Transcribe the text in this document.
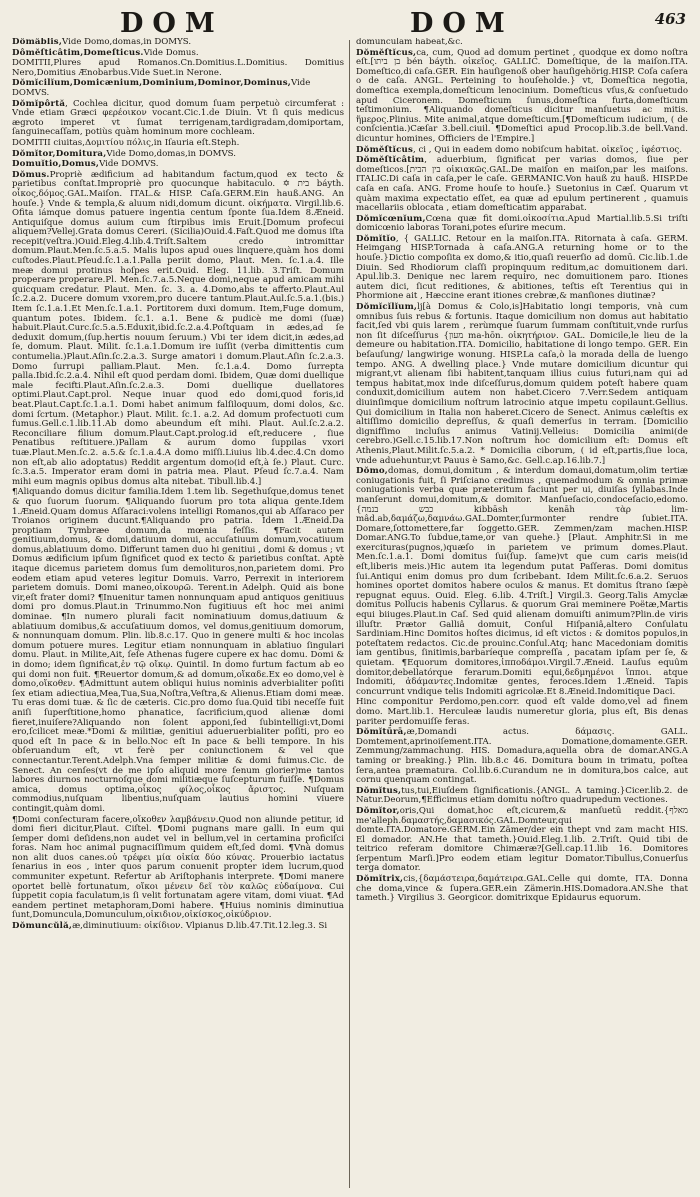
DOM	DOM	463

Dômâblis,Vide Domo,domas,in DOMYS.

Dômĕſticâtim,Domeſticus.Vide Domus.

DOMITII,Plures apud Romanos.Cn.Domitius.L.Domitius. Domitius Nero,Domitius Ænobarbus.Vide Suet.in Nerone.

Dŏmĭcilĭum,Domicænium,Dominium,Dominor,Dominus,Vide DOMVS.

Dŏmĭpôrtă, Cochlea dicitur, quod domum ſuam perpetuò circumferat : Vnde etiam Græci φερέοικον vocant.Cic.1.de Diuin. Vt ſi quis medicus ægroto imperet vt ſumat terrigenam,tardigradam,domiportam, ſanguinecaſſam, potiùs quàm hominum more cochleam.

DOMITII ciuitas,Δομιτίου πόλις,in Iſauria eſt.Steph.

Dŏmĭtor,Domitura,Vide Domo,domas,in DOMVS.

Domuĭtio,Domus,Vide DOMVS.

Dŏmus.Propriè ædificium ad habitandum factum,quod ex tecto & parietibus conſtat.Impropriè pro quocunque habitaculo. ✡ בית báyth. οἶκος,δόμος.GAL.Maiſon. ITAL.& HISP. Caſa.GERM.Ein hauß.ANG. An houſe.} Vnde & templa,& aluum nidi,domum dicunt. οἰκήματα. Virgil.lib.6. Ofita iámque domus patuere ingentia centum ſponte ſua.Idem 8.Æneid. Antiquiſque domus auium cum ſtirpibus imis Eruit.[Domum profecui aliquem?Vellej.Grata domus Cereri. (Sicilia)Ouid.4.Faſt.Quod me domus iſta recepit(veſtra.)Ouid.Eleg.4.lib.4.Triſt.Saltem credo intromittar domum.Plaut.Men.ſc.5.a.5. Malis lupos apud oues linquere,quàm hos domi cuſtodes.Plaut.Pſeud.ſc.1.a.1.Palla periit domo, Plaut. Men. ſc.1.a.4. Ille meæ domui protinus hoſpes erit.Ouid. Eleg. 11.lib. 3.Triſt. Domum properare properare.Pl. Men.ſc.7.a.5.Neque domi,neque apud amicam mihi quicquam credatur. Plaut. Men. ſc. 3. a. 4.Domo,abs te afferto.Plaut.Aul ſc.2.a.2. Ducere domum vxorem,pro ducere tantum.Plaut.Aul.ſc.5.a.1.(bis.) Item ſc.1.a.1.Et Men.ſc.1.a.1. Portitorem duxi domum. Item,Fuge domum, quantum potes. Ibidem. ſc.1. a.1. Bene & pudicè me domi (ſuæ) habuit.Plaut.Curc.ſc.5.a.5.Eduxit,ibid.ſc.2.a.4.Poſtquam in ædes,ad ſe deduxit domum,(ſup.hertis nouum ſeruum.) Vbi ter idem dicit,in ædes,ad ſe, domum. Plaut. Milit. ſc.1.a.1.Domum ire iuſſit (verba dimittentis cum contumelia.)Plaut.Aſin.ſc.2.a.3. Surge amatori i domum.Plaut.Aſin ſc.2.a.3. Domo ſurrupi palliam.Plaut. Men. ſc.1.a.4. Domo ſurrepta palla.Ibid.ſc.2.a.4. Nihil eſt quod perdam domi. Ibidem, Quæ domi duellique male fecifti.Plaut.Aſin.ſc.2.a.3. Domi duellique duellatores optimi.Plaut.Capt.prol. Neque inuar quod edo domi,quod foris,id beat.Plaut.Capt.ſc.1.a.1. Domi habet animum falſiloquum, domi dolos, &c. domi ſcrtum. (Metaphor.) Plaut. Milit. ſc.1. a.2. Ad domum profectuoti cum fumus.Gell.c.1.lib.11.Ab domo abeundum eſt mihi. Plaut. Aul.ſc.2.a.2. Reconciliare filium domum.Plaut.Capt.prolog.id eſt,reducere , ſiue Penatibus reſtituere.)Pallam & aurum domo ſuppilas vxori tuæ.Plaut.Men.ſc.2. a.5.& ſc.1.a.4.A domo miſſi.Liuius lib.4.dec.4.Cn domo non eſt,ab alio adoptatus) Reddit argentum domo(id eſt,à ſe.) Plaut. Curc. ſc.3.a.5. Imperator eram domi in patria mea. Plaut. Pſeud ſc.7.a.4. Nam mihi eum magnis opibus domus alta nitebat. Tibull.lib.4.]

¶Aliquando domus dicitur familia.Idem 1.tem lib. Segethuſque,domus tenet & quo ſuorum ſuorum. ¶Aliquando ſuorum pro tota aliqua gente.Idem 1.Æneid.Quam domus Aſſaraci:volens intelligi Romanos,qui ab Aſſaraco per Troianos originem ducunt.¶Aliquando pro patria. Idem 1.Æneid.Da proptiam Tymbræe domum,da mœnia feſſis. ¶Facit autem genitiuum,domus, & domi,datiuum domui, accuſatiuum domum,vocatiuum domus,ablatiuum domo. Differunt tamen duo hi genitiui , domi & domus ; vt Domus ædificium ipſum ſignificet quod ex tecto & parietibus conſtat. Aptè itaque dicemus parietem domus ſum demolituros,non,parietem domi. Pro eodem etiam apud veteres legitur Domuis. Varro, Perrexit in interiorem parietem domuis. Domi maneo,οἰκουρῶ. Terent.in Adelph. Quid ais bone vir,eſt frater domi? ¶Inuenitur tamen nonnunquam apud antiquos genitiuus domi pro domus.Plaut.in Trinummo.Non fugitiuus eſt hoc mei animi dominae. ¶In numero plurali facit nominatiuum domus,datiuum & ablatiuum domibus,& accuſatiuum domos, vel domus,genitiuum domorum, & nonnunquam domum. Plin. lib.8.c.17. Quo in genere multi & hoc incolas domum potuere mures. Legitur etiam nonnunquam in ablatiuo ſingulari domu. Plaut. in Milite,Ait, ſeſe Athenas fugere cupere ex hac domu. Domi & in domo; idem ſignificat,ἐν τῷ οἴκῳ. Quintil. In domo furtum factum ab eo qui domi non fuit. ¶Reuertor domum,& ad domum,οἴκαδε.Ex eo domo,vel è domo,οἴκοθεν. ¶Admittunt autem obliqui huius nominis adverbialiter poſiti ſex etiam adiectiua,Mea,Tua,Sua,Noſtra,Veſtra,& Alienus.Etiam domi meæ. Tu eras domi tuæ. & ſic de cæteris. Cic.pro domo ſua.Quid tibi neceſſe fuit aniſi ſuperſtitione,homo phanatice, ſacrificium,quod alienæ domi fieret,inuiſere?Aliquando non ſolent apponi,ſed ſubintelligi:vt,Domi ero,ſcilicet meæ.*Domi & militiæ, genitiui adueruerbialiter poſiti, pro eo quod eſt In pace & in bello.Noc eſt In pace & belli tempore. In his obſeruandum eſt, vt ferè per coniunctionem & vel que connectantur.Terent.Adelph.Vna ſemper militiæ & domi fuimus.Cic. de Senect. An cenſes(vt de me ipſo aliquid more ſenum glorier)me tantos labores diurnos nocturnoſque domi militiæque ſuſcepturum fuiſſe. ¶Domus amica, domus optima,οἶκος φίλος,οἶκος ἄριστος. Nuſquam commodius,nuſquam libentius,nuſquam lautius homini viuere contingit,quàm domi.

¶Domi conſecturam facere,οἴκοθεν λαμβάνειν.Quod non aliunde petitur, id domi fieri dicitur,Plaut. Ciſtel. ¶Domi pugnans mare galli. In eum qui ſemper domi deſidens,non audet vel in bellum,vel in certamina proficiſci foras. Nam hoc animal pugnaciſſimum quidem eſt,ſed domi. ¶Vnà domus non alit duos canes.οὐ τρέφει μία οἰκία δύο κύνας. Prouerbio iactatus ſenarius in eos , inter quos parum conuenit propter idem lucrum,quod communiter expetunt. Refertur ab Ariſtophanis interprete. ¶Domi manere oportet bellè fortunatum, οἴκοι μένειν δεῖ τὸν καλῶς εὐδαίμονα. Cui ſuppetit copia faculatum,is ſi velit fortunatam agere vitam, domi viuat. ¶Ad eandem pertinet metaphoram,Domi habere. ¶Huius nominis diminutiua ſunt,Domuncula,Domunculum,οἰκιδιον,οἰκίσκος,οἰκύδριον.

Dŏmuncŭlă,æ,diminutiuum: οἰκίδιον. Vlpianus D.lib.47.Tit.12.leg.3. Si

domunculam habeat,&c.

Dŏmĕſtĭcus,ca, cum, Quod ad domum pertinet , quodque ex domo noſtra eſt.[בן ביתו bén báyth. οἰκεῖος. GALLIC. Domeſtique, de la maiſon.ITA. Domeſtico,di caſa.GER. Ein hauſigenoß ober hauſigehörig.HISP. Coſa caſera o de caſa. ANGL. Perteining to houſeholde.} vt, Domeſtica negotia, domeſtica exempla,domeſticum lenocinium. Domeſticus vſus,& conſuetudo apud Ciceronem. Domeſticum ſunus,domeſtica furta,domeſticum teſtimonium. ¶Aliquando domeſticus dicitur manſuetus ac mitis. ἥμερος.Plinius. Mite animal,atque domeſticum.[¶Domeſticum iudicium, ( de conſcientia.)Cæſar 3.bell.ciuil. ¶Domeſtici apud Procop.lib.3.de bell.Vand. dicuntur homines, Officiers de l'Empire.]

Dŏmĕſtĭcus, ci , Qui in eadem domo nobiſcum habitat. οἰκεῖος , ἰφέστιος.

Dŏmĕſtĭcâtim, aduerbium, ſignificat per varias domos, ſiue per domeſticos.[בין הבית οἰκιακῶς.GAL.De maiſon en maiſon,par les maiſons. ITALIC.Di caſa in caſa,per le caſe. GERMANIC.Von hauß zu hauß. HISP.De caſa en caſa. ANG. Frome houſe to houſe.} Suetonius in Cæſ. Quarum vt quàm maxima expectatio eſſet, ea quæ ad epulum pertinerent , quamuis macellariis oblocata , etiam domeſticatim apparabat.

Dŏmĭcœnĭum,Cœna quæ fit domi.οἰκοσίτια.Apud Martial.lib.5.Si triſti domicœnio laboras Torani,potes eſurire mecum.

Dŏmĭtĭo, { GALLIC. Retour en la maiſon.ITA. Ritornata à caſa. GERM. Heimgang HISP.Tornada à caſa.ANG.A returning home or to the houſe.}Dictio compoſita ex domo,& itio,quaſi reuerſio ad domū. Cic.lib.1.de Diuin. Sed Rhodiorum claſſi propinquum reditum,ac domuitionem dari. Apul.lib.3. Denique nec larem requiro, nec domuitionem paro. Itiones autem dici, ſicut reditiones, & abitiones, teſtis eſt Terentius qui in Phormione ait , Hæccine erant itiones crebræ,& manſiones diutinæ?

Dŏmĭcĭlĭum,lj[à Domus & Colo,is]Habitatio longi temporis, vnà cum omnibus ſuis rebus & fortunis. Itaque domicilium non domus aut habitatio facit,ſed vbi quis larem , rerùmque ſuarum ſummam conſtituit,vnde rurſus non ſit diſceſſurus {מעון ma-hōn. οἰκητήριον. GAL. Domicile,le lieu de la demeure ou habitation.ITA. Domicilio, habitatione di longo tempo. GER. Ein beſauſung/ langwirige wonung. HISP.La caſa,ò la morada della de luengo tempo. ANG. A dwelling place.} Vnde mutare domicilium dicuntur qui migrant,vt alienam ſibi habitent,tanquam illius cuius futuri,nam qui ad tempus habitat,mox inde diſceſſurus,domum quidem poteſt habere quam conduxit,domicilium autem non habet.Cicero 7.Verr.Sedem antiquam diuinſimque domicilium noſtrum latrocinio atque impetu copilaunt.Gellius. Qui domicilium in Italia non haberet.Cicero de Senect. Animus cæleſtis ex altiſſimo domicilio depreſſus, & quaſi demerſus in terram. [Domicilio dignifſimo incluſus animus Vatinij.Velleius: Domicilia animi(de cerebro.)Gell.c.15.lib.17.Non noſtrum hoc domicilium eſt: Domus eſt Athenis,Plaut.Milit.ſc.5.a.2. * Domicilia ciborum, ( id eſt,partis,ſiue loca, vnde aduehuntur,vt Pauus è Samo,&c. Gell.c.ap.16.lib.7.]

Dŏmo,domas, domui,domitum , & interdum domaui,domatum,olim tertiæ coniugationis fuit, ſi Priſciano credimus , quemadmodum & omnia primæ coniugationis verba quæ præteritum faciunt per ui, diuiſas ſyllabas.Inde manſerunt domui,domitum,& domitor. Manſueſacio,condoceſacio,edomo. {כבש בנמה kibbāsh kenāh τὰρ lim-mâd.ab,δαμάζω,δαμνάω.GAL.Domter,ſurmonter rendre ſubiet.ITA. Domare,ſottomettere,far ſoggetto.GER. Zemmen/zam machen.HISP. Domar.ANG.To ſubdue,tame,or van quehe.} [Plaut. Amphitr.Si in me exercituras(pugnos,)quæſo in parietem ve primum domes.Plaut. Men.ſc.1.a.1. Domi domitus ſui(ſup. ſame)vt que cum caris meis(id eſt,liberis meis.)Hic autem ita legendum putat Paſſeras. Domi domitus ſui.Antiqui enim domus pro dum ſcribebant. Idem Milit.ſc.6.a.2. Seruos homines oportet domitos habere oculos & manus. Et domitus ſtrano ſæpè repugnat equus. Ouid. Eleg. 6.lib. 4.Triſt.] Virgil.3. Georg.Talis Amyclæ domitus Pollucis habenis Cyllarus. & quorum Grai meminere Poëtæ,Martis equi biiuges.Plaut.in Caſ. Sed quid alienam domuiſti animum?Plin.de viris illuſtr. Prætor Galliâ domuit, Conſul Hiſpaniâ,altero Conſulatu Sardiniam.Hinc Domitos hoſtes dicimus, id eſt victos : & domitos populos,in poteſtatem redactos. Cic.de prouinc.Conſul.Atq; hanc Macedoniam domitis iam gentibus, ſinitimis,barbaríeque compreſſa , pacatam ipſam per ſe, & quietam. ¶Equorum domitores,ἱπποδάμοι.Virgil.7.Æneid. Lauſus equûm domitor,debellatórque ferarum.Domiti equi,δεδμημένοι ἵπποι. atque Indomiti, ἀδάμαντες.Indomitæ gentes, feroces.Idem 1.Æneid. Tapis concurrunt vndique telis Indomiti agricolæ.Et 8.Æneid.Indomitique Daci.

Hinc componitur Perdomo,pen.corr. quod eſt valde domo,vel ad finem domo. Mart.lib.1. Herculeæ laudis numeretur gloria, plus eſt, Bis denas pariter perdomuiſſe feras.

Dŏmĭtūrā,æ,Domandi actus. δάμασις. GALL. Domtement,aprinoiſement.ITA. Domatione,domamente.GER. Zemmung/zammachung. HIS. Domadura,aquella obra de domar.ANG.A taming or breaking.} Plin. lib.8.c 46. Domitura boum in trimatu, poſtea ſera,antea præmatura. Col.lib.6.Curandum ne in domitura,bos calce, aut cornu quenquam contingat.

Dŏmĭtus,tus,tui,Eiuſdem ſignificationis.{ANGL. A taming.}Cicer.lib.2. de Natur.Deorum,¶Efficimus etiam domitu noſtro quadrupedum vectiones.

Dŏmĭtor,oris,Qui domat,hoc eſt,cicurem,& manſuetū reddit.{מאלף me'alleph.δαμαστής,δαμασικός.GAL.Domteur,qui domte.ITA.Domatore.GERM.Ein Zämer/der ein thept vnd zam macht HIS. El domador. AN.He that tameth.}Ouid.Eleg.1.lib. 2.Triſt. Quid tibi de teitrico referam domitore Chimæræ?[Gell.cap.11.lib 16. Domitores ſerpentum Marſi.]Pro eodem etiam legitur Domator.Tibullus,Conuerſus terga domator.

Dŏmĭtrix,cis,{δαμάστειρα,δαμάτειρα.GAL.Celle qui domte, ITA. Donna che doma,vince & ſupera.GER.ein Zämerin.HIS.Domadora.AN.She that tameth.} Virgilius 3. Georgicor. domitrixque Epidaurus equorum.
